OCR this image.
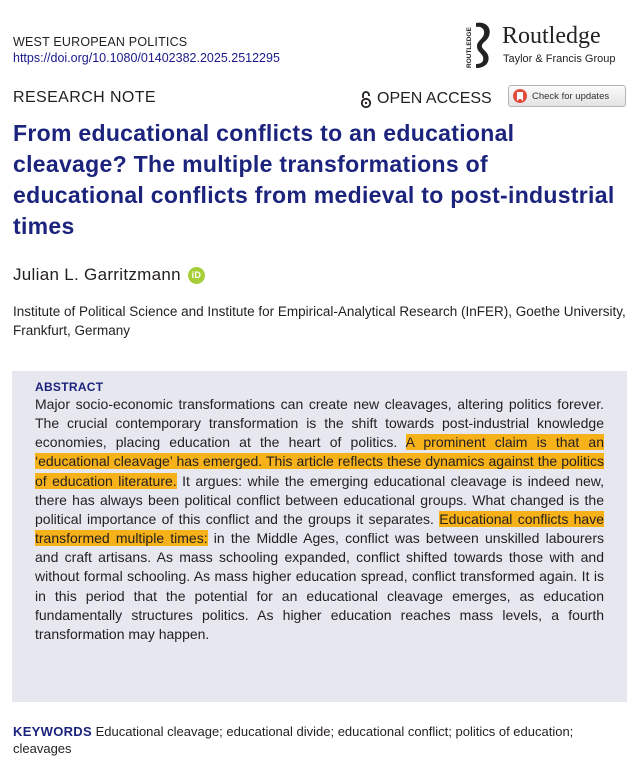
WEST EUROPEAN POLITICS
https://doi.org/10.1080/01402382.2025.2512295	ROUTLEDGE Routledge
Taylor & Francis Group
RESEARCH NOTE	OPEN ACCESS	Check for updates
From educational conflicts to an educational cleavage? The multiple transformations of educational conflicts from medieval to post-industrial times
Julian L. Garritzmann	iD
Institute of Political Science and Institute for Empirical-Analytical Research (InFER), Goethe University, Frankfurt, Germany
ABSTRACT

Major socio-economic transformations can create new cleavages, altering politics forever. The crucial contemporary transformation is the shift towards post-industrial knowledge economies, placing education at the heart of politics. A prominent claim is that an ‘educational cleavage’ has emerged. This article reflects these dynamics against the politics of education literature. It argues: while the emerging educational cleavage is indeed new, there has always been political conflict between educational groups. What changed is the political importance of this conflict and the groups it separates. Educational conflicts have transformed multiple times: in the Middle Ages, conflict was between unskilled labourers and craft artisans. As mass schooling expanded, conflict shifted towards those with and without formal schooling. As mass higher education spread, conflict transformed again. It is in this period that the potential for an educational cleavage emerges, as education fundamentally structures politics. As higher education reaches mass levels, a fourth transformation may happen.

KEYWORDS Educational cleavage; educational divide; educational conflict; politics of education; cleavages
